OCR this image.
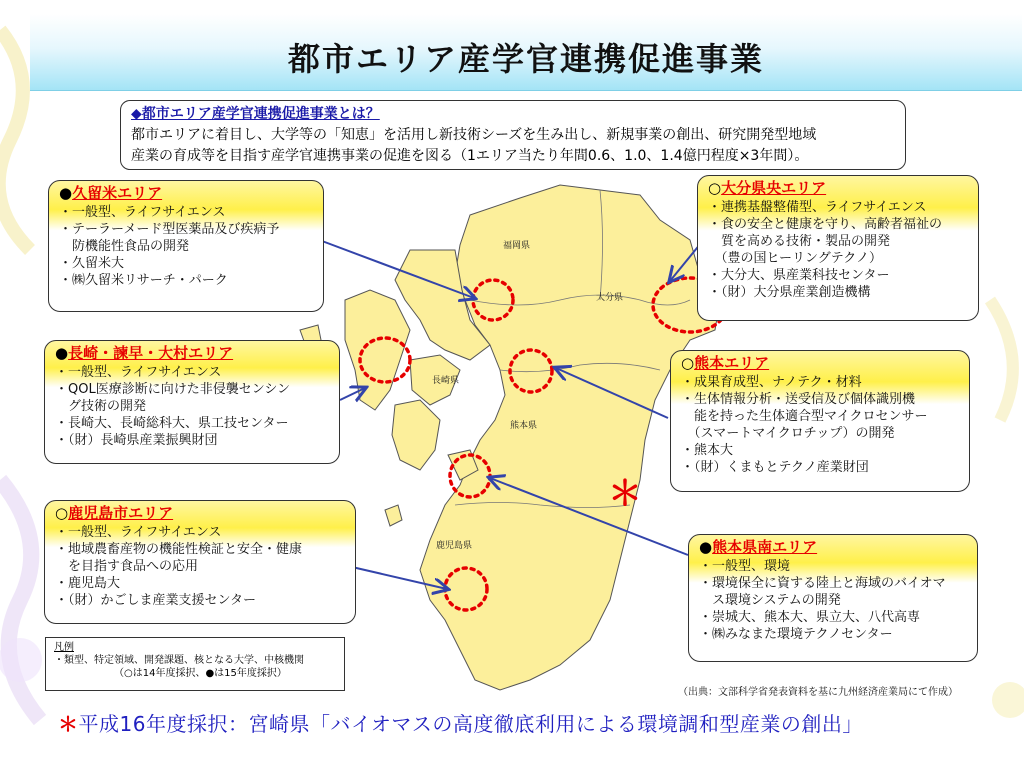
都市エリア産学官連携促進事業
◆都市エリア産学官連携促進事業とは？
都市エリアに着目し、大学等の「知恵」を活用し新技術シーズを生み出し、新規事業の創出、研究開発型地域
産業の育成等を目指す産学官連携事業の促進を図る（1エリア当たり年間0.6、1.0、1.4億円程度×3年間）。
福岡県
大分県
長崎県
熊本県
鹿児島県
＊
●久留米エリア
・一般型、ライフサイエンス
・テーラーメード型医薬品及び疾病予
　防機能性食品の開発
・久留米大
・㈱久留米リサーチ・パーク
○大分県央エリア
・連携基盤整備型、ライフサイエンス
・食の安全と健康を守り、高齢者福祉の
　質を高める技術・製品の開発
　（豊の国ヒーリングテクノ）
・大分大、県産業科技センター
・（財）大分県産業創造機構
●長崎・諫早・大村エリア
・一般型、ライフサイエンス
・QOL医療診断に向けた非侵襲センシン
　グ技術の開発
・長崎大、長崎総科大、県工技センター
・（財）長崎県産業振興財団
○熊本エリア
・成果育成型、ナノテク・材料
・生体情報分析・送受信及び個体識別機
　能を持った生体適合型マイクロセンサー
　（スマートマイクロチップ）の開発
・熊本大
・（財）くまもとテクノ産業財団
○鹿児島市エリア
・一般型、ライフサイエンス
・地域農畜産物の機能性検証と安全・健康
　を目指す食品への応用
・鹿児島大
・（財）かごしま産業支援センター
●熊本県南エリア
・一般型、環境
・環境保全に資する陸上と海域のバイオマ
　ス環境システムの開発
・崇城大、熊本大、県立大、八代高専
・㈱みなまた環境テクノセンター
凡例
・類型、特定領域、開発課題、核となる大学、中核機関
（○は14年度採択、●は15年度採択）
（出典：文部科学省発表資料を基に九州経済産業局にて作成）
＊平成16年度採択：宮崎県「バイオマスの高度徹底利用による環境調和型産業の創出」
